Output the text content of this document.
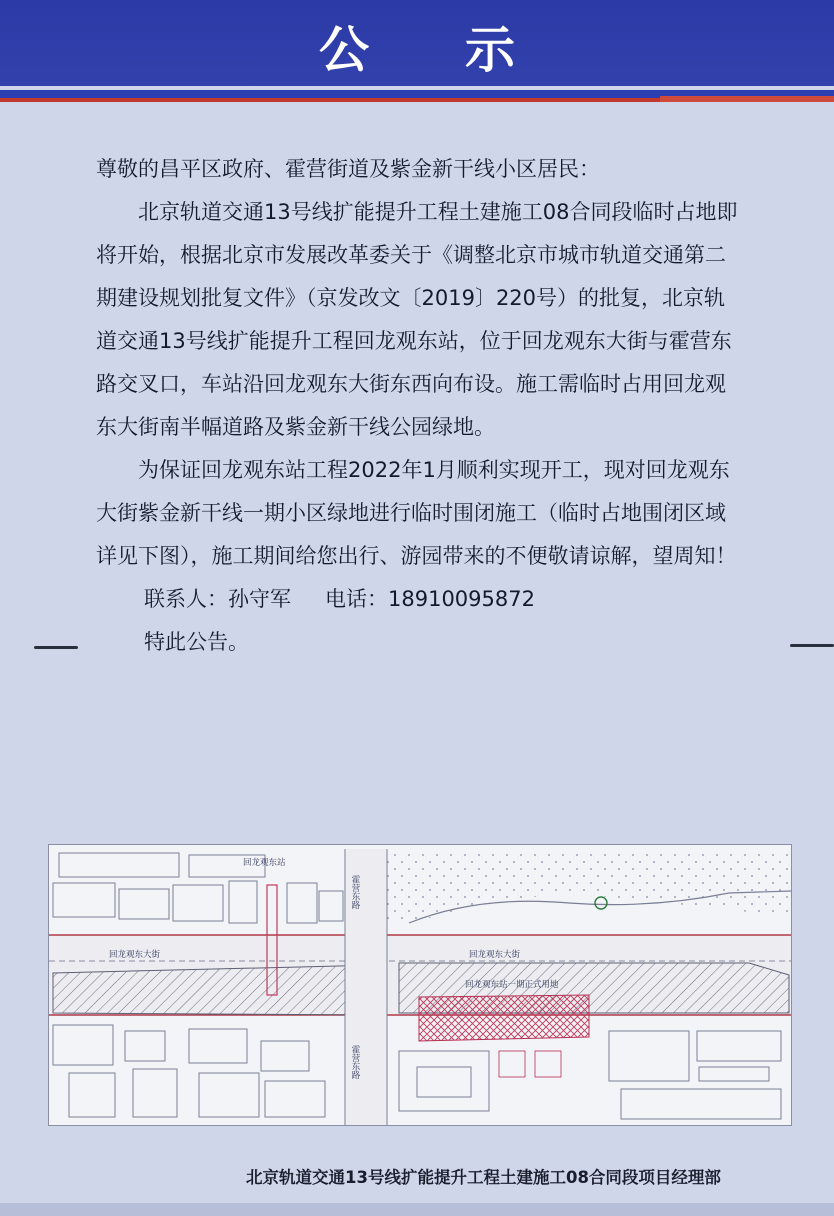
公示

尊敬的昌平区政府、霍营街道及紫金新干线小区居民：

北京轨道交通13号线扩能提升工程土建施工08合同段临时占地即将开始，根据北京市发展改革委关于《调整北京市城市轨道交通第二期建设规划批复文件》（京发改文〔2019〕220号）的批复，北京轨道交通13号线扩能提升工程回龙观东站，位于回龙观东大街与霍营东路交叉口，车站沿回龙观东大街东西向布设。施工需临时占用回龙观东大街南半幅道路及紫金新干线公园绿地。

为保证回龙观东站工程2022年1月顺利实现开工，现对回龙观东大街紫金新干线一期小区绿地进行临时围闭施工（临时占地围闭区域详见下图），施工期间给您出行、游园带来的不便敬请谅解，望周知！

联系人：孙守军 电话：18910095872

特此公告。

回龙观东大街	回龙观东大街
回龙观东站
回龙观东站一期正式用地
霍营东路
霍营东路
北京轨道交通13号线扩能提升工程土建施工08合同段项目经理部
